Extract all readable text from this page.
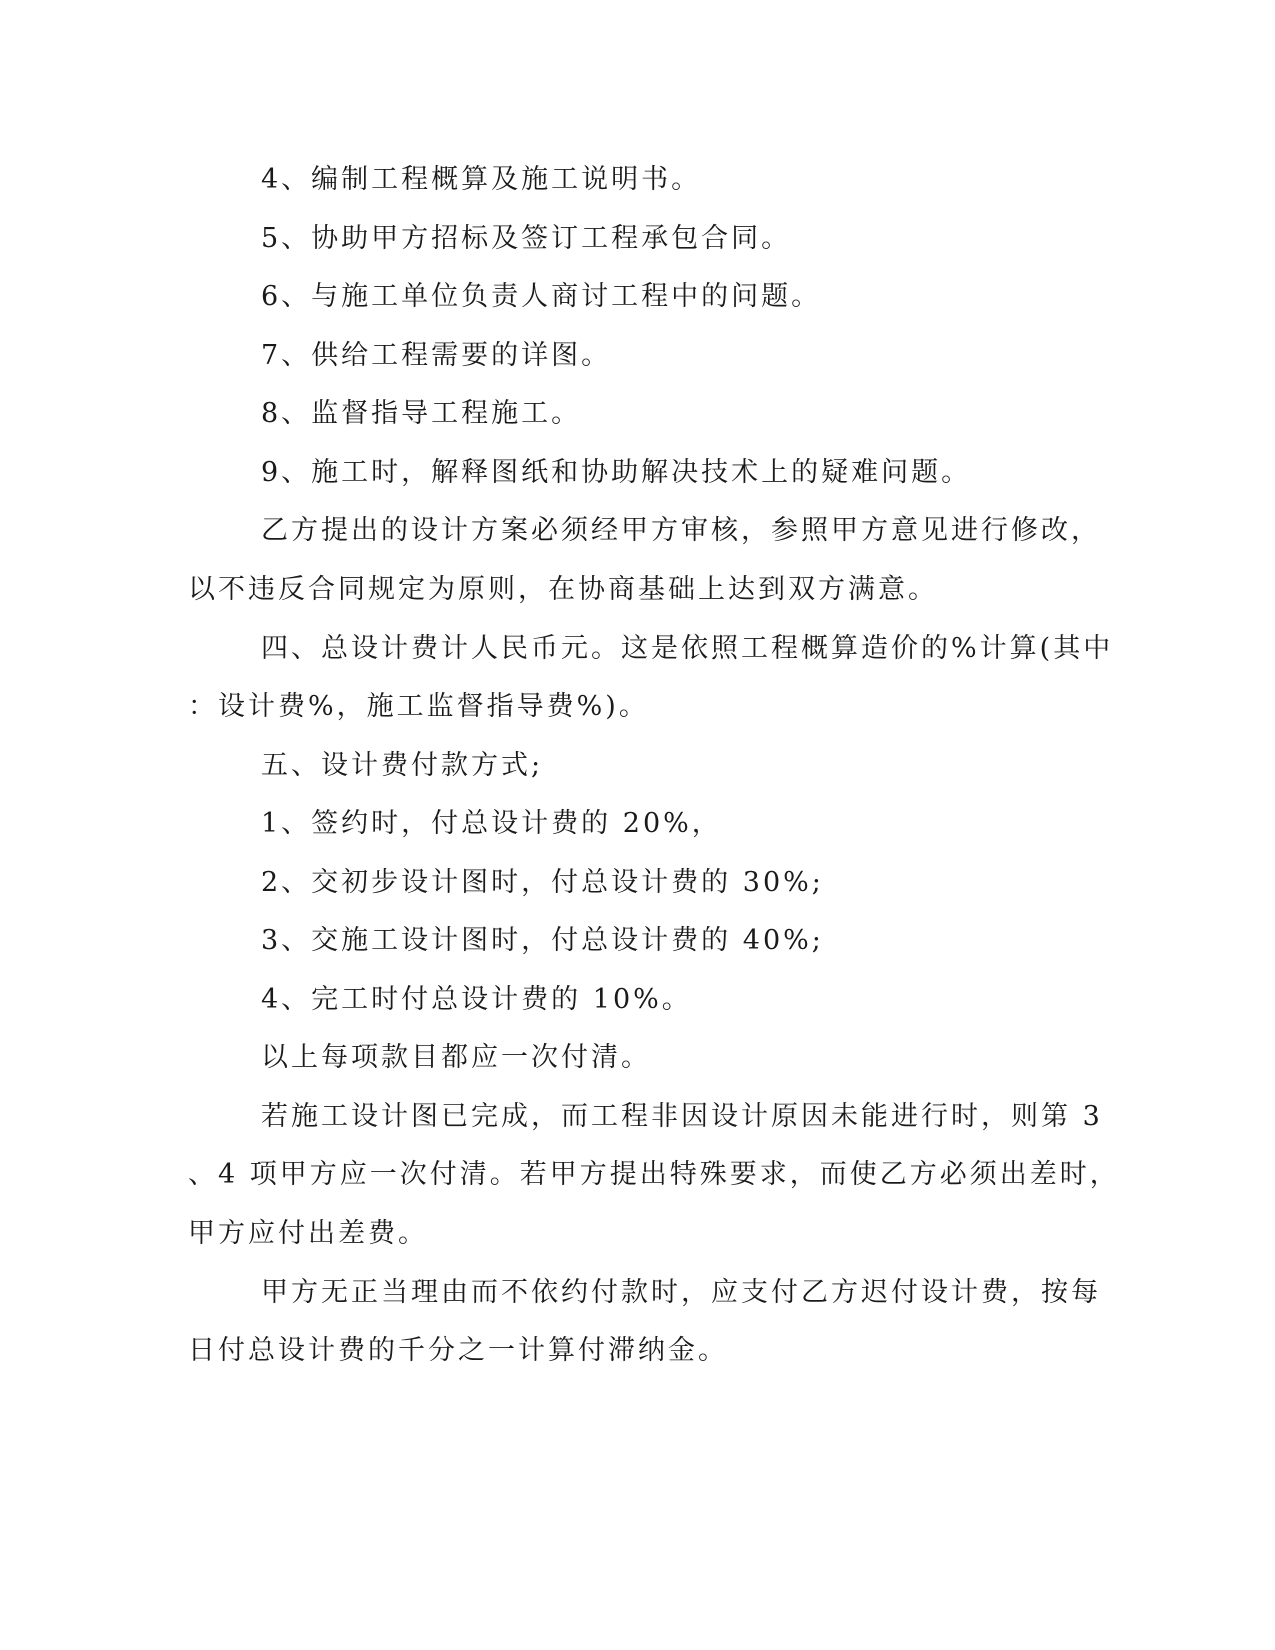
4、编制工程概算及施工说明书。
5、协助甲方招标及签订工程承包合同。
6、与施工单位负责人商讨工程中的问题。
7、供给工程需要的详图。
8、监督指导工程施工。
9、施工时，解释图纸和协助解决技术上的疑难问题。
乙方提出的设计方案必须经甲方审核，参照甲方意见进行修改，
以不违反合同规定为原则，在协商基础上达到双方满意。
四、总设计费计人民币元。这是依照工程概算造价的%计算(其中
：设计费%，施工监督指导费%)。
五、设计费付款方式;
1、签约时，付总设计费的 20%，
2、交初步设计图时，付总设计费的 30%;
3、交施工设计图时，付总设计费的 40%;
4、完工时付总设计费的 10%。
以上每项款目都应一次付清。
若施工设计图已完成，而工程非因设计原因未能进行时，则第 3
、4 项甲方应一次付清。若甲方提出特殊要求，而使乙方必须出差时，
甲方应付出差费。
甲方无正当理由而不依约付款时，应支付乙方迟付设计费，按每
日付总设计费的千分之一计算付滞纳金。
